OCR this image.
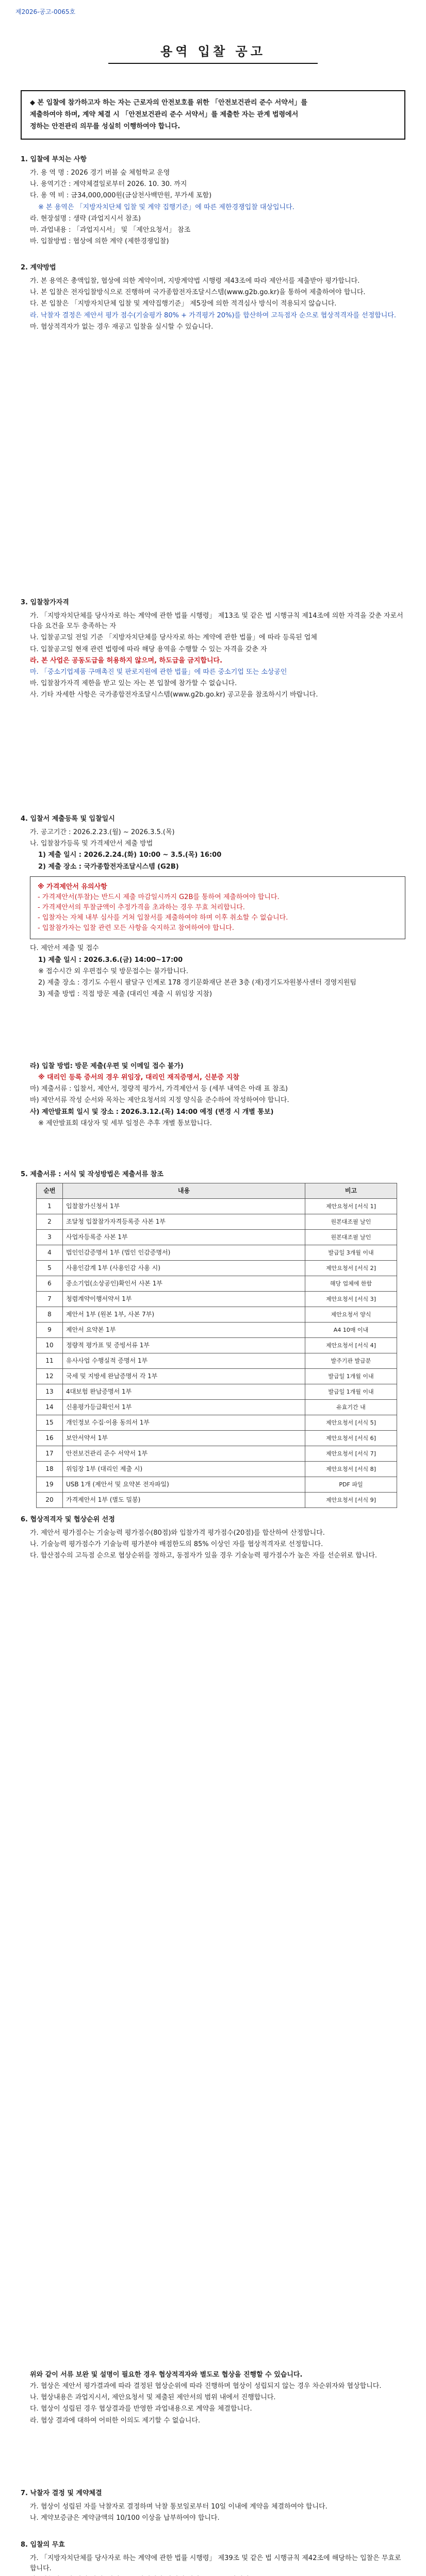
제2026-공고-0065호
용역 입찰 공고
◆ 본 입찰에 참가하고자 하는 자는 근로자의 안전보호를 위한 「안전보건관리 준수 서약서」를
제출하여야 하며, 계약 체결 시 「안전보건관리 준수 서약서」를 제출한 자는 관계 법령에서
정하는 안전관리 의무를 성실히 이행하여야 합니다.
1. 입찰에 부치는 사항
가. 용 역 명 : 2026 경기 버블 숲 체험학교 운영
나. 용역기간 : 계약체결일로부터 2026. 10. 30. 까지
다. 용 역 비 : 금34,000,000원(금삼천사백만원, 부가세 포함)
※ 본 용역은 「지방자치단체 입찰 및 계약 집행기준」에 따른 제한경쟁입찰 대상입니다.
라. 현장설명 : 생략 (과업지시서 참조)
마. 과업내용 : 「과업지시서」 및 「제안요청서」 참조
바. 입찰방법 : 협상에 의한 계약 (제한경쟁입찰)
2. 계약방법
가. 본 용역은 총액입찰, 협상에 의한 계약이며, 지방계약법 시행령 제43조에 따라 제안서를 제출받아 평가합니다.
나. 본 입찰은 전자입찰방식으로 진행하며 국가종합전자조달시스템(www.g2b.go.kr)을 통하여 제출하여야 합니다.
다. 본 입찰은 「지방자치단체 입찰 및 계약집행기준」 제5장에 의한 적격심사 방식이 적용되지 않습니다.
라. 낙찰자 결정은 제안서 평가 점수(기술평가 80% + 가격평가 20%)를 합산하여 고득점자 순으로 협상적격자를 선정합니다.
마. 협상적격자가 없는 경우 재공고 입찰을 실시할 수 있습니다.
3. 입찰참가자격
가. 「지방자치단체를 당사자로 하는 계약에 관한 법률 시행령」 제13조 및 같은 법 시행규칙 제14조에 의한 자격을 갖춘 자로서 다음 요건을 모두 충족하는 자
나. 입찰공고일 전일 기준 「지방자치단체를 당사자로 하는 계약에 관한 법률」에 따라 등록된 업체
다. 입찰공고일 현재 관련 법령에 따라 해당 용역을 수행할 수 있는 자격을 갖춘 자
라. 본 사업은 공동도급을 허용하지 않으며, 하도급을 금지합니다.
마. 「중소기업제품 구매촉진 및 판로지원에 관한 법률」에 따른 중소기업 또는 소상공인
바. 입찰참가자격 제한을 받고 있는 자는 본 입찰에 참가할 수 없습니다.
사. 기타 자세한 사항은 국가종합전자조달시스템(www.g2b.go.kr) 공고문을 참조하시기 바랍니다.
4. 입찰서 제출등록 및 입찰일시
가. 공고기간 : 2026.2.23.(월) ~ 2026.3.5.(목)
나. 입찰참가등록 및 가격제안서 제출 방법
1) 제출 일시 : 2026.2.24.(화) 10:00 ~ 3.5.(목) 16:00
2) 제출 장소 : 국가종합전자조달시스템 (G2B)
※ 가격제안서 유의사항
- 가격제안서(투찰)는 반드시 제출 마감일시까지 G2B를 통하여 제출하여야 합니다.
- 가격제안서의 투찰금액이 추정가격을 초과하는 경우 무효 처리합니다.
- 입찰자는 자체 내부 심사를 거쳐 입찰서를 제출하여야 하며 이후 취소할 수 없습니다.
- 입찰참가자는 입찰 관련 모든 사항을 숙지하고 참여하여야 합니다.
다. 제안서 제출 및 접수
1) 제출 일시 : 2026.3.6.(금) 14:00~17:00
※ 접수시간 외 우편접수 및 방문접수는 불가합니다.
2) 제출 장소 : 경기도 수원시 팔달구 인계로 178 경기문화재단 본관 3층 (재)경기도자원봉사센터 경영지원팀
3) 제출 방법 : 직접 방문 제출 (대리인 제출 시 위임장 지참)
라) 입찰 방법: 방문 제출(우편 및 이메일 접수 불가)
※ 대리인 등록 증서의 경우 위임장, 대리인 재직증명서, 신분증 지참
마) 제출서류 : 입찰서, 제안서, 정량적 평가서, 가격제안서 등 (세부 내역은 아래 표 참조)
바) 제안서류 작성 순서와 목차는 제안요청서의 지정 양식을 준수하여 작성하여야 합니다.
사) 제안발표회 일시 및 장소 : 2026.3.12.(목) 14:00 예정 (변경 시 개별 통보)
※ 제안발표회 대상자 및 세부 일정은 추후 개별 통보합니다.
5. 제출서류 : 서식 및 작성방법은 제출서류 참조
순번	내용	비고
1	입찰참가신청서 1부	제안요청서 [서식 1]
2	조달청 입찰참가자격등록증 사본 1부	원본대조필 날인
3	사업자등록증 사본 1부	원본대조필 날인
4	법인인감증명서 1부 (법인 인감증명서)	발급일 3개월 이내
5	사용인감계 1부 (사용인감 사용 시)	제안요청서 [서식 2]
6	중소기업(소상공인)확인서 사본 1부	해당 업체에 한함
7	청렴계약이행서약서 1부	제안요청서 [서식 3]
8	제안서 1부 (원본 1부, 사본 7부)	제안요청서 양식
9	제안서 요약본 1부	A4 10매 이내
10	정량적 평가표 및 증빙서류 1부	제안요청서 [서식 4]
11	유사사업 수행실적 증명서 1부	발주기관 발급분
12	국세 및 지방세 완납증명서 각 1부	발급일 1개월 이내
13	4대보험 완납증명서 1부	발급일 1개월 이내
14	신용평가등급확인서 1부	유효기간 내
15	개인정보 수집·이용 동의서 1부	제안요청서 [서식 5]
16	보안서약서 1부	제안요청서 [서식 6]
17	안전보건관리 준수 서약서 1부	제안요청서 [서식 7]
18	위임장 1부 (대리인 제출 시)	제안요청서 [서식 8]
19	USB 1개 (제안서 및 요약본 전자파일)	PDF 파일
20	가격제안서 1부 (별도 밀봉)	제안요청서 [서식 9]
6. 협상적격자 및 협상순위 선정
가. 제안서 평가점수는 기술능력 평가점수(80점)와 입찰가격 평가점수(20점)를 합산하여 산정합니다.
나. 기술능력 평가점수가 기술능력 평가분야 배점한도의 85% 이상인 자를 협상적격자로 선정합니다.
다. 합산점수의 고득점 순으로 협상순위를 정하고, 동점자가 있을 경우 기술능력 평가점수가 높은 자를 선순위로 합니다.
위와 같이 서류 보완 및 설명이 필요한 경우 협상적격자와 별도로 협상을 진행할 수 있습니다.
가. 협상은 제안서 평가결과에 따라 결정된 협상순위에 따라 진행하며 협상이 성립되지 않는 경우 차순위자와 협상합니다.
나. 협상내용은 과업지시서, 제안요청서 및 제출된 제안서의 범위 내에서 진행합니다.
다. 협상이 성립된 경우 협상결과를 반영한 과업내용으로 계약을 체결합니다.
라. 협상 결과에 대하여 어떠한 이의도 제기할 수 없습니다.
7. 낙찰자 결정 및 계약체결
가. 협상이 성립된 자를 낙찰자로 결정하며 낙찰 통보일로부터 10일 이내에 계약을 체결하여야 합니다.
나. 계약보증금은 계약금액의 10/100 이상을 납부하여야 합니다.
8. 입찰의 무효
가. 「지방자치단체를 당사자로 하는 계약에 관한 법률 시행령」 제39조 및 같은 법 시행규칙 제42조에 해당하는 입찰은 무효로 합니다.
